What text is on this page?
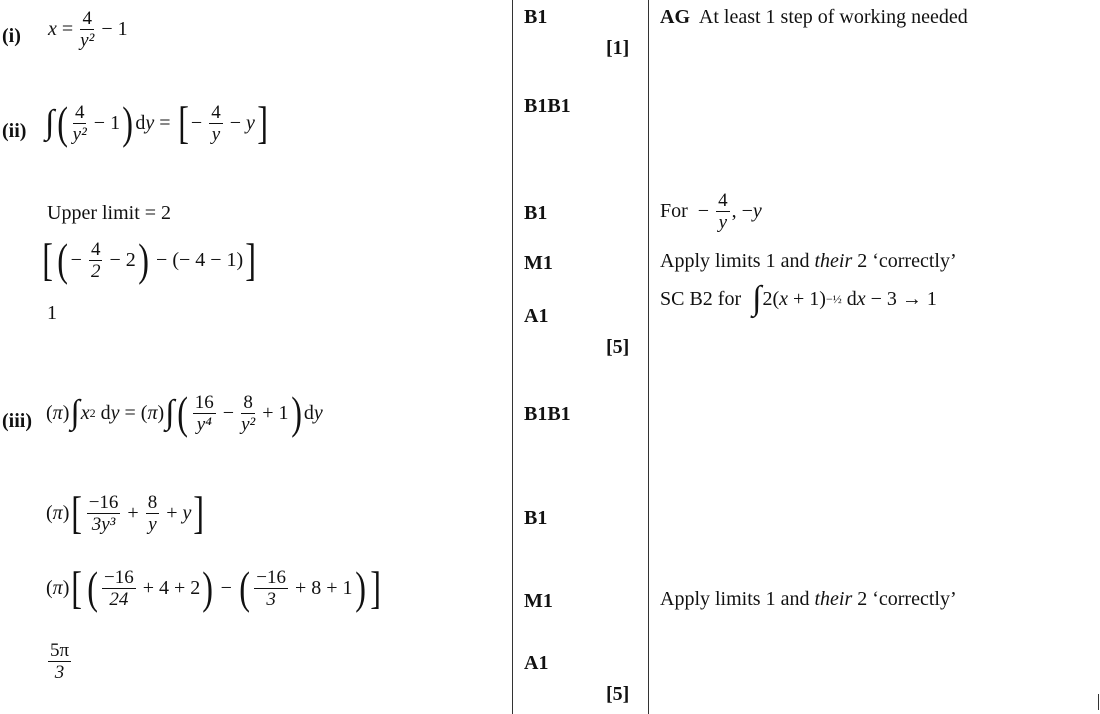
(i)
(ii)
(iii)
$x = \frac{4}{\text{y²}} - 1$
∫ ( $\frac{4}{\text{y²}} - 1$ ) d y = [ − $\frac{4}{y} - y$ ]
Upper limit = 2
[ ( − $\frac{4}{2} - 2$ ) − (− 4 − 1) ]
1
( π ) ∫ x 2 d y = ( π ) ∫ ( $\frac{16}{\text{y⁴}} - \frac{8}{\text{y²}} + 1$ ) d y
( π ) [ $\frac{-16}{\text{3y³}} + \frac{8}{y} + y$ ]
( π ) [ ( $\frac{-16}{24} + 4 + 2$ ) − ( $\frac{-16}{3} + 8 + 1$ ) ]
$\frac{5\pi}{3}$
B1
B1B1
B1
M1
A1
B1B1
B1
M1
A1
[1]
[5]
[5]
AG At least 1 step of working needed
For  − $\frac{4}{y}$ , − y
Apply limits 1 and their 2 ‘correctly’
SC B2 for ∫ 2( x + 1) −½ d x − 3 → 1
Apply limits 1 and their 2 ‘correctly’
